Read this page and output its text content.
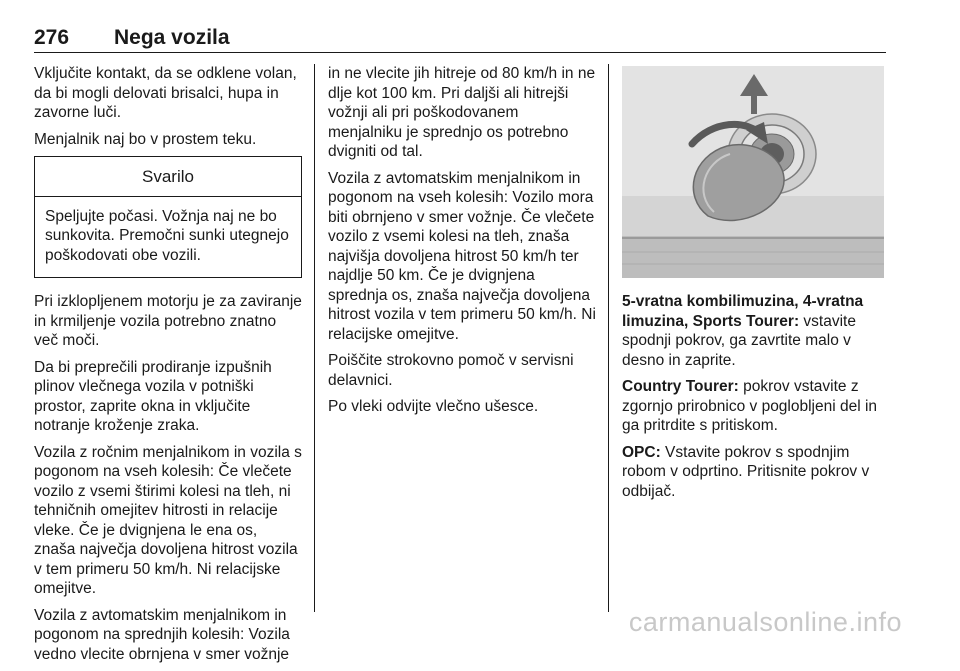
276 Nega vozila

Vključite kontakt, da se odklene volan, da bi mogli delovati brisalci, hupa in zavorne luči.

Menjalnik naj bo v prostem teku.

Svarilo
Speljujte počasi. Vožnja naj ne bo sunkovita. Premočni sunki utegnejo poškodovati obe vozili.

Pri izklopljenem motorju je za zaviranje in krmiljenje vozila potrebno znatno več moči.

Da bi preprečili prodiranje izpušnih plinov vlečnega vozila v potniški prostor, zaprite okna in vključite notranje kroženje zraka.

Vozila z ročnim menjalnikom in vozila s pogonom na vseh kolesih: Če vlečete vozilo z vsemi štirimi kolesi na tleh, ni tehničnih omejitev hitrosti in relacije vleke. Če je dvignjena le ena os, znaša največja dovoljena hitrost vozila v tem primeru 50 km/h. Ni relacijske omejitve.

Vozila z avtomatskim menjalnikom in pogonom na sprednjih kolesih: Vozila vedno vlecite obrnjena v smer vožnje

in ne vlecite jih hitreje od 80 km/h in ne dlje kot 100 km. Pri daljši ali hitrejši vožnji ali pri poškodovanem menjalniku je sprednjo os potrebno dvigniti od tal.

Vozila z avtomatskim menjalnikom in pogonom na vseh kolesih: Vozilo mora biti obrnjeno v smer vožnje. Če vlečete vozilo z vsemi kolesi na tleh, znaša najvišja dovoljena hitrost 50 km/h ter najdlje 50 km. Če je dvignjena sprednja os, znaša največja dovoljena hitrost vozila v tem primeru 50 km/h. Ni relacijske omejitve.

Poiščite strokovno pomoč v servisni delavnici.

Po vleki odvijte vlečno ušesce.

5-vratna kombilimuzina, 4-vratna limuzina, Sports Tourer: vstavite spodnji pokrov, ga zavrtite malo v desno in zaprite.

Country Tourer: pokrov vstavite z zgornjo prirobnico v poglobljeni del in ga pritrdite s pritiskom.

OPC: Vstavite pokrov s spodnjim robom v odprtino. Pritisnite pokrov v odbijač.

carmanualsonline.info
